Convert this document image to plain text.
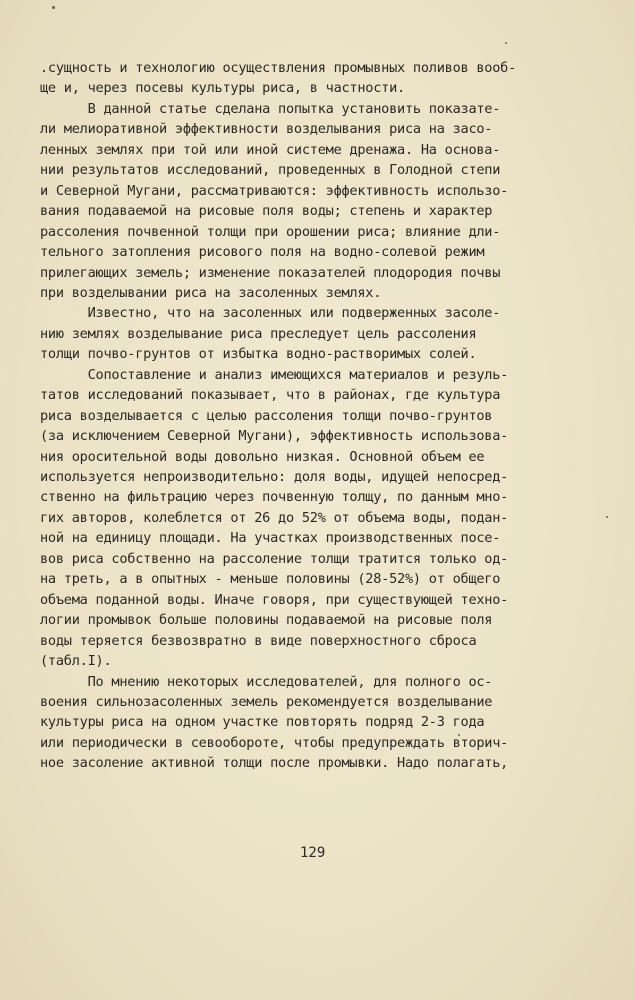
.сущность и технологию осуществления промывных поливов вооб-
ще и, через посевы культуры риса, в частности.
В данной статье сделана попытка установить показате-
ли мелиоративной эффективности возделывания риса на засо-
ленных землях при той или иной системе дренажа. На основа-
нии результатов исследований, проведенных в Голодной степи
и Северной Мугани, рассматриваются: эффективность использо-
вания подаваемой на рисовые поля воды; степень и характер
рассоления почвенной толщи при орошении риса; влияние дли-
тельного затопления рисового поля на водно-солевой режим
прилегающих земель; изменение показателей плодородия почвы
при возделывании риса на засоленных землях.
Известно, что на засоленных или подверженных засоле-
нию землях возделывание риса преследует цель рассоления
толщи почво-грунтов от избытка водно-растворимых солей.
Сопоставление и анализ имеющихся материалов и резуль-
татов исследований показывает, что в районах, где культура
риса возделывается с целью рассоления толщи почво-грунтов
(за исключением Северной Мугани), эффективность использова-
ния оросительной воды довольно низкая. Основной объем ее
используется непроизводительно: доля воды, идущей непосред-
ственно на фильтрацию через почвенную толщу, по данным мно-
гих авторов, колеблется от 26 до 52% от объема воды, подан-
ной на единицу площади. На участках производственных посе-
вов риса собственно на рассоление толщи тратится только од-
на треть, а в опытных - меньше половины (28-52%) от общего
объема поданной воды. Иначе говоря, при существующей техно-
логии промывок больше половины подаваемой на рисовые поля
воды теряется безвозвратно в виде поверхностного сброса
(табл.I).
По мнению некоторых исследователей, для полного ос-
воения сильнозасоленных земель рекомендуется возделывание
культуры риса на одном участке повторять подряд 2-3 года
или периодически в севообороте, чтобы предупреждать вторич-
ное засоление активной толщи после промывки. Надо полагать,
129
